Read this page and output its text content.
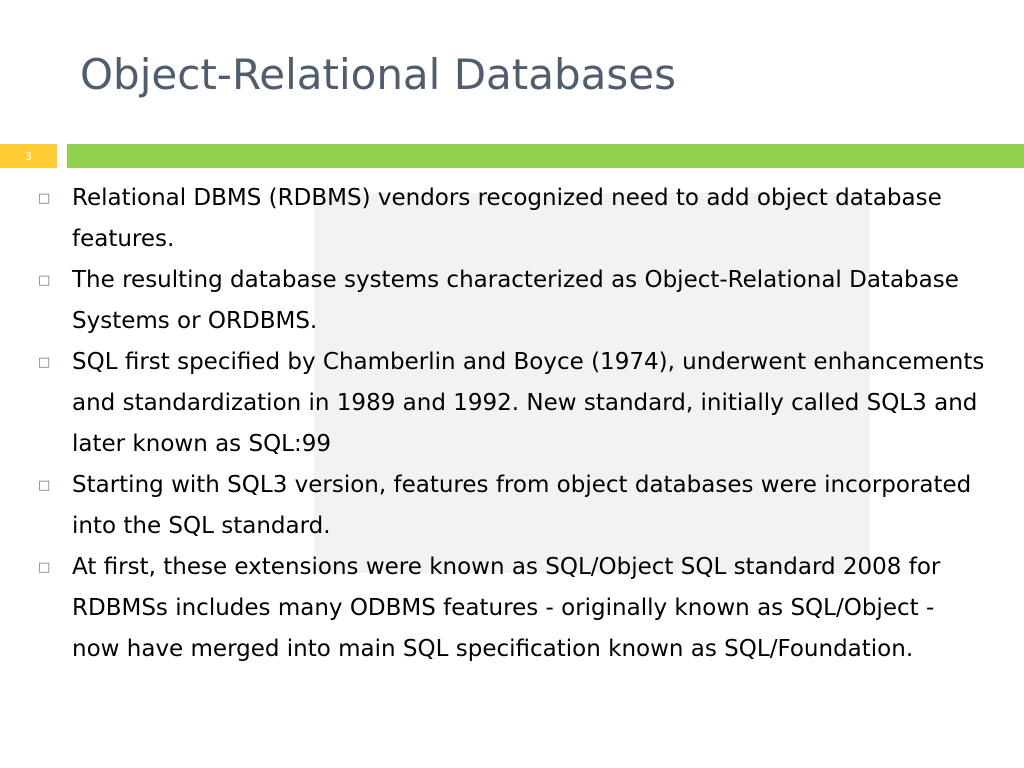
Object-Relational Databases
3
□ Relational DBMS (RDBMS) vendors recognized need to add object database features.
□ The resulting database systems characterized as Object-Relational Database Systems or ORDBMS.
□ SQL first specified by Chamberlin and Boyce (1974), underwent enhancements and standardization in 1989 and 1992. New standard, initially called SQL3 and later known as SQL:99
□ Starting with SQL3 version, features from object databases were incorporated into the SQL standard.
□ At first, these extensions were known as SQL/Object SQL standard 2008 for RDBMSs includes many ODBMS features - originally known as SQL/Object - now have merged into main SQL specification known as SQL/Foundation.
